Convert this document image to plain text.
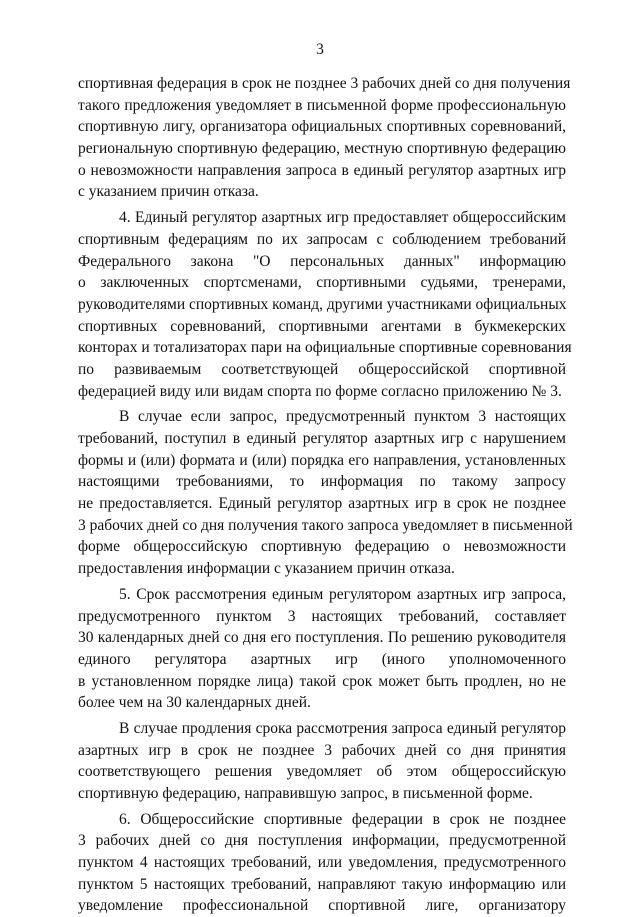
3
спортивная федерация в срок не позднее 3 рабочих дней со дня получения
такого предложения уведомляет в письменной форме профессиональную
спортивную лигу, организатора официальных спортивных соревнований,
региональную спортивную федерацию, местную спортивную федерацию
о невозможности направления запроса в единый регулятор азартных игр
с указанием причин отказа.
4. Единый регулятор азартных игр предоставляет общероссийским
спортивным федерациям по их запросам с соблюдением требований
Федерального закона "О персональных данных" информацию
о заключенных спортсменами, спортивными судьями, тренерами,
руководителями спортивных команд, другими участниками официальных
спортивных соревнований, спортивными агентами в букмекерских
конторах и тотализаторах пари на официальные спортивные соревнования
по развиваемым соответствующей общероссийской спортивной
федерацией виду или видам спорта по форме согласно приложению № 3.
В случае если запрос, предусмотренный пунктом 3 настоящих
требований, поступил в единый регулятор азартных игр с нарушением
формы и (или) формата и (или) порядка его направления, установленных
настоящими требованиями, то информация по такому запросу
не предоставляется. Единый регулятор азартных игр в срок не позднее
3 рабочих дней со дня получения такого запроса уведомляет в письменной
форме общероссийскую спортивную федерацию о невозможности
предоставления информации с указанием причин отказа.
5. Срок рассмотрения единым регулятором азартных игр запроса,
предусмотренного пунктом 3 настоящих требований, составляет
30 календарных дней со дня его поступления. По решению руководителя
единого регулятора азартных игр (иного уполномоченного
в установленном порядке лица) такой срок может быть продлен, но не
более чем на 30 календарных дней.
В случае продления срока рассмотрения запроса единый регулятор
азартных игр в срок не позднее 3 рабочих дней со дня принятия
соответствующего решения уведомляет об этом общероссийскую
спортивную федерацию, направившую запрос, в письменной форме.
6. Общероссийские спортивные федерации в срок не позднее
3 рабочих дней со дня поступления информации, предусмотренной
пунктом 4 настоящих требований, или уведомления, предусмотренного
пунктом 5 настоящих требований, направляют такую информацию или
уведомление профессиональной спортивной лиге, организатору
